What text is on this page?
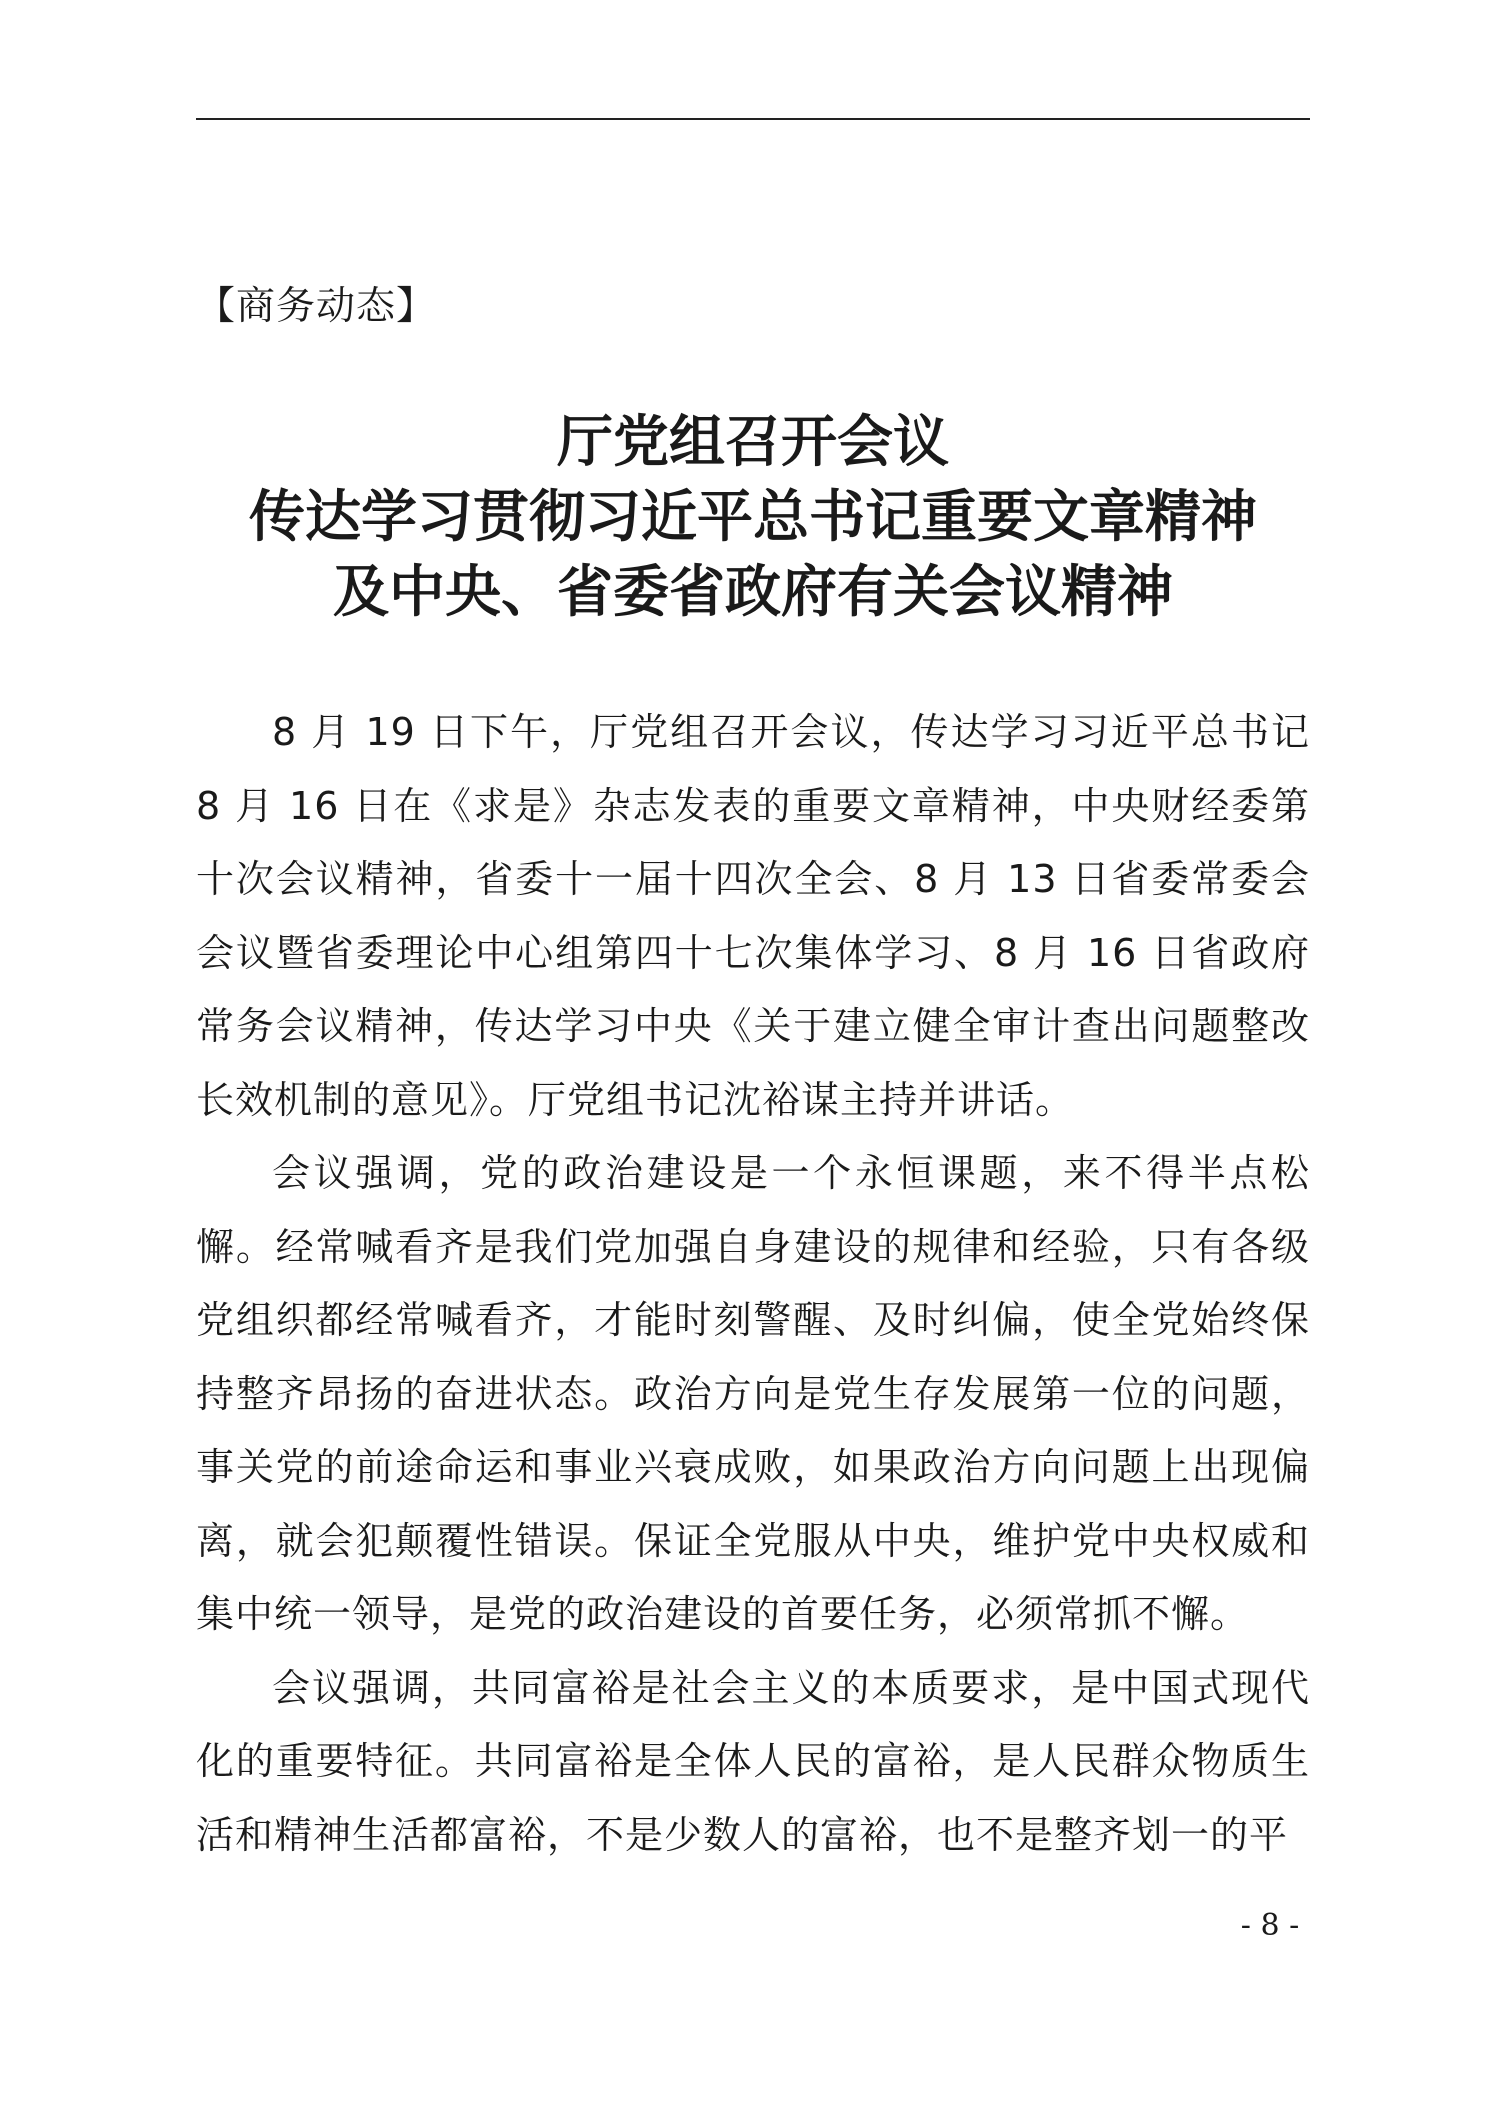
【商务动态】
厅党组召开会议
传达学习贯彻习近平总书记重要文章精神
及中央、省委省政府有关会议精神

8 月 19 日下午，厅党组召开会议，传达学习习近平总书记 8 月 16 日在《求是》杂志发表的重要文章精神，中央财经委第十次会议精神，省委十一届十四次全会、8 月 13 日省委常委会会议暨省委理论中心组第四十七次集体学习、8 月 16 日省政府常务会议精神，传达学习中央《关于建立健全审计查出问题整改长效机制的意见》。厅党组书记沈裕谋主持并讲话。

会议强调，党的政治建设是一个永恒课题，来不得半点松懈。经常喊看齐是我们党加强自身建设的规律和经验，只有各级党组织都经常喊看齐，才能时刻警醒、及时纠偏，使全党始终保持整齐昂扬的奋进状态。政治方向是党生存发展第一位的问题，事关党的前途命运和事业兴衰成败，如果政治方向问题上出现偏离，就会犯颠覆性错误。保证全党服从中央，维护党中央权威和集中统一领导，是党的政治建设的首要任务，必须常抓不懈。

会议强调，共同富裕是社会主义的本质要求，是中国式现代化的重要特征。共同富裕是全体人民的富裕，是人民群众物质生活和精神生活都富裕，不是少数人的富裕，也不是整齐划一的平

- 8 -
